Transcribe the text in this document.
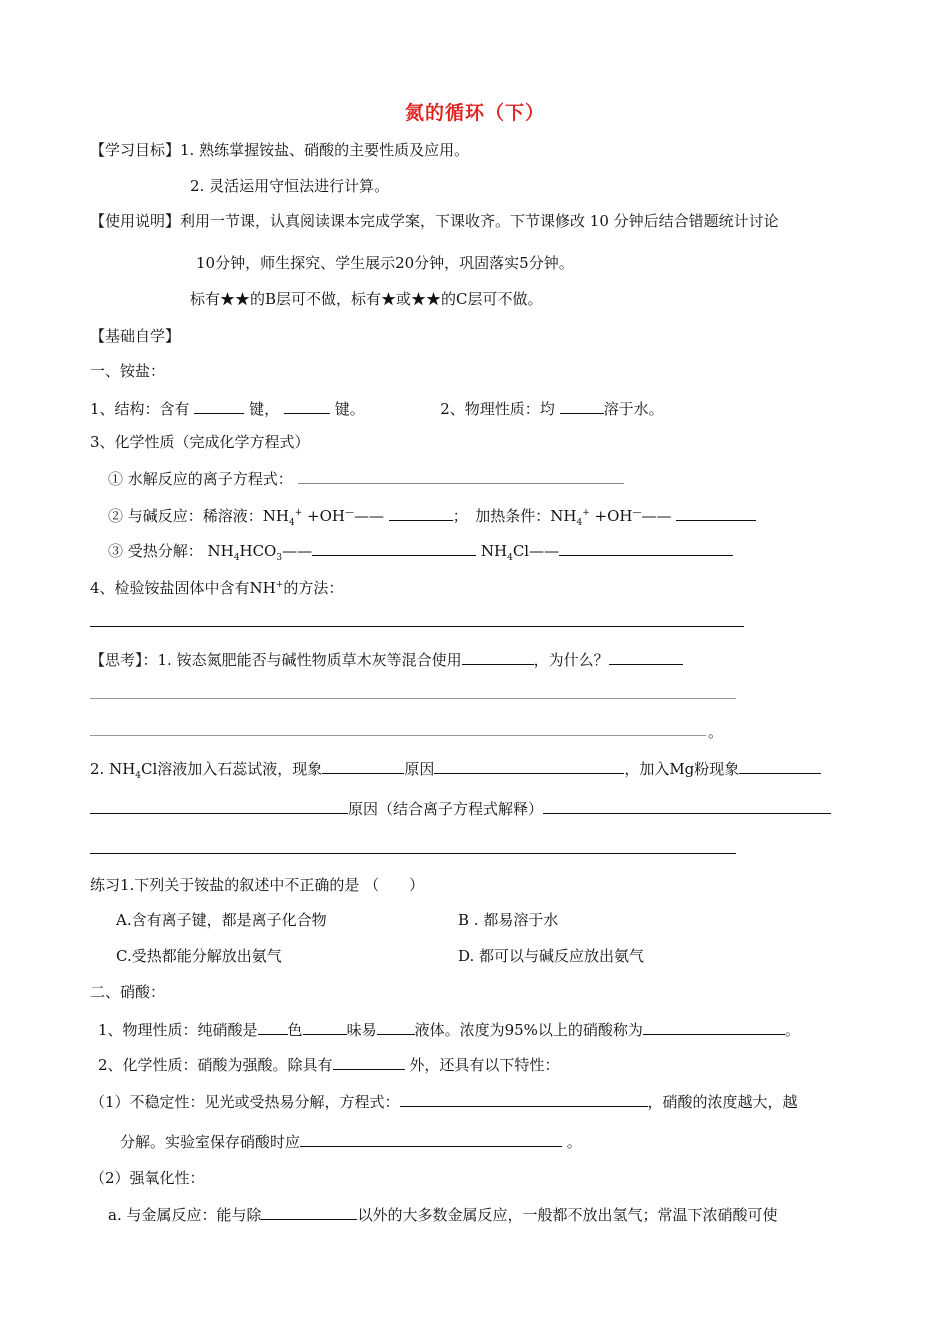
氮的循环（下）
【学习目标】1. 熟练掌握铵盐、硝酸的主要性质及应用。
2. 灵活运用守恒法进行计算。
【使用说明】利用一节课，认真阅读课本完成学案，下课收齐。下节课修改 10 分钟后结合错题统计讨论
10分钟，师生探究、学生展示20分钟，巩固落实5分钟。
标有★★的B层可不做，标有★或★★的C层可不做。
【基础自学】
一、铵盐：
1、结构：含有	键，	键。	2、物理性质：均	溶于水。
3、化学性质（完成化学方程式）
① 水解反应的离子方程式：
② 与碱反应：稀溶液：$NH_4^+$ +OH———	；　加热条件：$NH_4^+$ +OH———
③ 受热分解： $NH_4HCO_3——$	$NH_4Cl——$
4、检验铵盐固体中含有NH+的方法：
【思考】：1. 铵态氮肥能否与碱性物质草木灰等混合使用	，为什么？
。
2. $NH_4Cl$溶液加入石蕊试液，现象	原因	，加入Mg粉现象
原因（结合离子方程式解释）
练习1.下列关于铵盐的叙述中不正确的是 （　　）
A.含有离子键，都是离子化合物	B . 都易溶于水
C.受热都能分解放出氨气	D. 都可以与碱反应放出氨气
二、硝酸：
1、物理性质：纯硝酸是 色	味易	液体。浓度为95%以上的硝酸称为	。
2、化学性质：硝酸为强酸。除具有	外，还具有以下特性：
（1）不稳定性：见光或受热易分解，方程式：	，硝酸的浓度越大，越
分解。实验室保存硝酸时应	。
（2）强氧化性：
a. 与金属反应：能与除	以外的大多数金属反应，一般都不放出氢气；常温下浓硝酸可使
